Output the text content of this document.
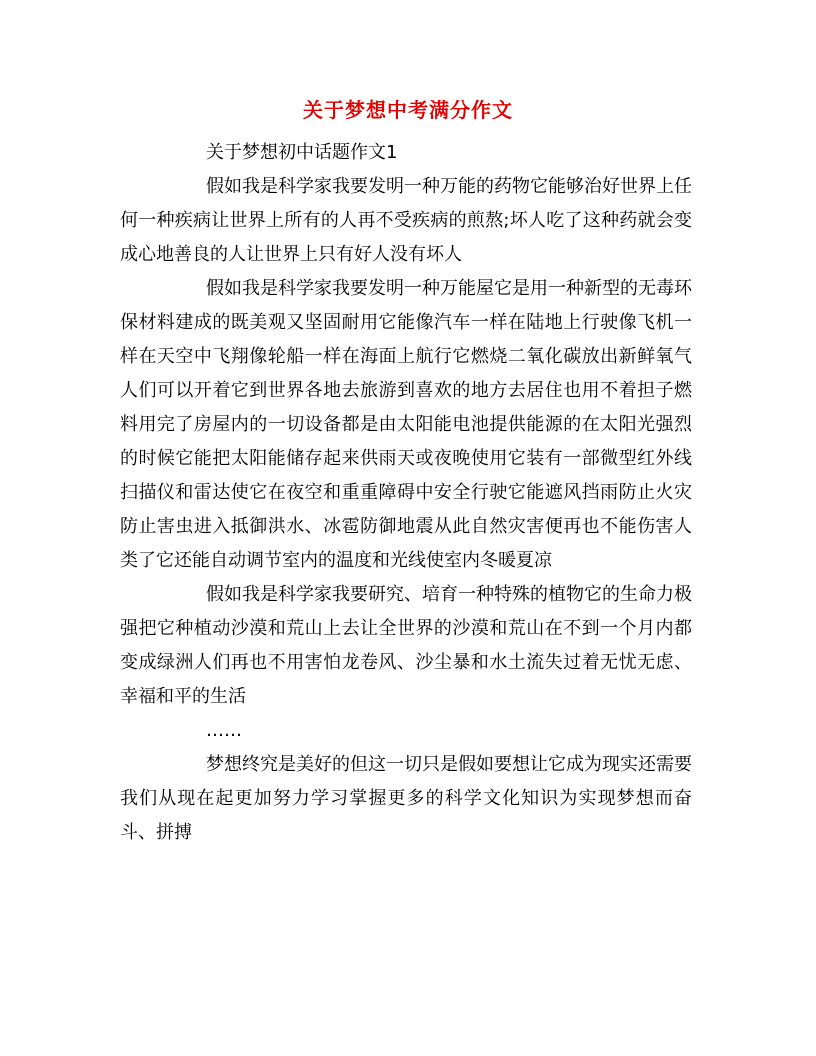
关于梦想中考满分作文

关于梦想初中话题作文1

假如我是科学家我要发明一种万能的药物它能够治好世界上任何一种疾病让世界上所有的人再不受疾病的煎熬;坏人吃了这种药就会变成心地善良的人让世界上只有好人没有坏人

假如我是科学家我要发明一种万能屋它是用一种新型的无毒环保材料建成的既美观又坚固耐用它能像汽车一样在陆地上行驶像飞机一样在天空中飞翔像轮船一样在海面上航行它燃烧二氧化碳放出新鲜氧气人们可以开着它到世界各地去旅游到喜欢的地方去居住也用不着担子燃料用完了房屋内的一切设备都是由太阳能电池提供能源的在太阳光强烈的时候它能把太阳能储存起来供雨天或夜晚使用它装有一部微型红外线扫描仪和雷达使它在夜空和重重障碍中安全行驶它能遮风挡雨防止火灾防止害虫进入抵御洪水、冰雹防御地震从此自然灾害便再也不能伤害人类了它还能自动调节室内的温度和光线使室内冬暖夏凉

假如我是科学家我要研究、培育一种特殊的植物它的生命力极强把它种植动沙漠和荒山上去让全世界的沙漠和荒山在不到一个月内都变成绿洲人们再也不用害怕龙卷风、沙尘暴和水土流失过着无忧无虑、幸福和平的生活

……

梦想终究是美好的但这一切只是假如要想让它成为现实还需要我们从现在起更加努力学习掌握更多的科学文化知识为实现梦想而奋斗、拼搏
